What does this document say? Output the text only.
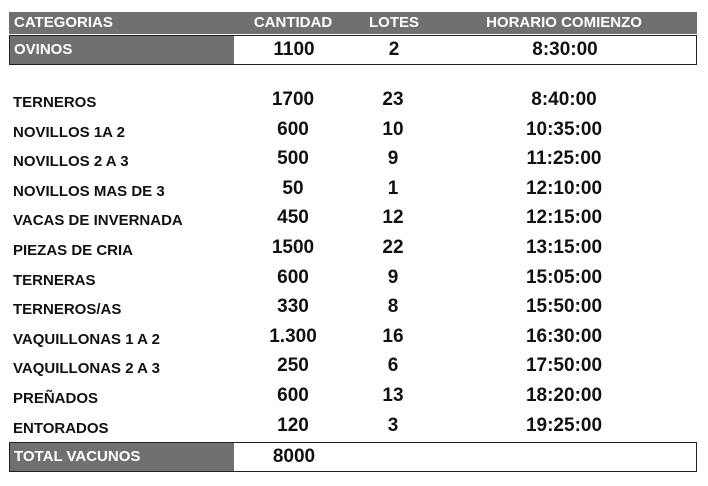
CATEGORIAS	CANTIDAD	LOTES	HORARIO COMIENZO
OVINOS	1100	2	8:30:00
TERNEROS	1700	23	8:40:00
NOVILLOS 1A 2	600	10	10:35:00
NOVILLOS 2 A 3	500	9	11:25:00
NOVILLOS MAS DE 3	50	1	12:10:00
VACAS DE INVERNADA	450	12	12:15:00
PIEZAS DE CRIA	1500	22	13:15:00
TERNERAS	600	9	15:05:00
TERNEROS/AS	330	8	15:50:00
VAQUILLONAS 1 A 2	1.300	16	16:30:00
VAQUILLONAS 2 A 3	250	6	17:50:00
PREÑADOS	600	13	18:20:00
ENTORADOS	120	3	19:25:00
TOTAL VACUNOS	8000
